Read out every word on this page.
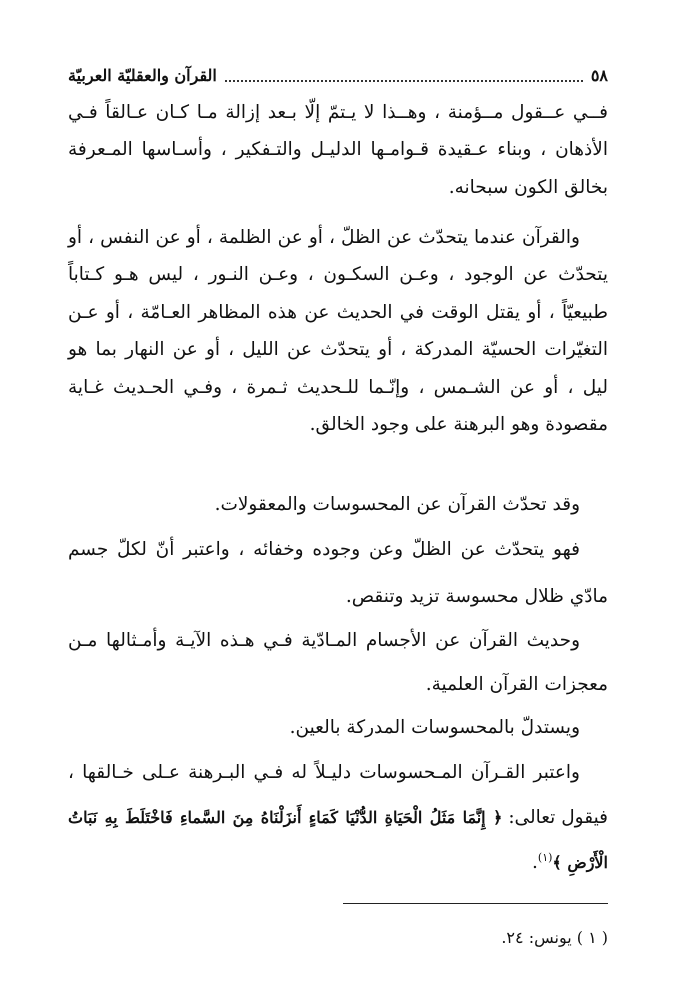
٥٨
القرآن والعقليّة العربيّة
فــي عــقول مــؤمنة ، وهــذا لا يـتمّ إلّا بـعد إزالة مـا كـان عـالقاً فـي
الأذهان ، وبناء عـقيدة قـوامـها الدليـل والتـفكير ، وأسـاسها المـعرفة
بخالق الكون سبحانه.
والقرآن عندما يتحدّث عن الظلّ ، أو عن الظلمة ، أو عن النفس ، أو
يتحدّث عن الوجود ، وعـن السكـون ، وعـن النـور ، ليس هـو كـتاباً
طبيعيّاً ، أو يقتل الوقت في الحديث عن هذه المظاهر العـامّة ، أو عـن
التغيّرات الحسيّة المدركة ، أو يتحدّث عن الليل ، أو عن النهار بما هو
ليل ، أو عن الشـمس ، وإنّـما للـحديث ثـمرة ، وفـي الحـديث غـاية
مقصودة وهو البرهنة على وجود الخالق.
وقد تحدّث القرآن عن المحسوسات والمعقولات.
فهو يتحدّث عن الظلّ وعن وجوده وخفائه ، واعتبر أنّ لكلّ جسم
مادّي ظلال محسوسة تزيد وتنقص.
وحديث القرآن عن الأجسام المـادّية فـي هـذه الآيـة وأمـثالها مـن
معجزات القرآن العلمية.
ويستدلّ بالمحسوسات المدركة بالعين.
واعتبر القـرآن المـحسوسات دليـلاً له فـي البـرهنة عـلى خـالقها ،
فيقول تعالى:
﴿ إِنَّمَا مَثَلُ الْحَيَاةِ الدُّنْيَا كَمَاءٍ أَنزَلْنَاهُ مِنَ السَّماءِ فَاخْتَلَطَ بِهِ نَبَاتُ
الْأَرْضِ ﴾$^{(١)}$.
( ١ ) يونس: ٢٤.
